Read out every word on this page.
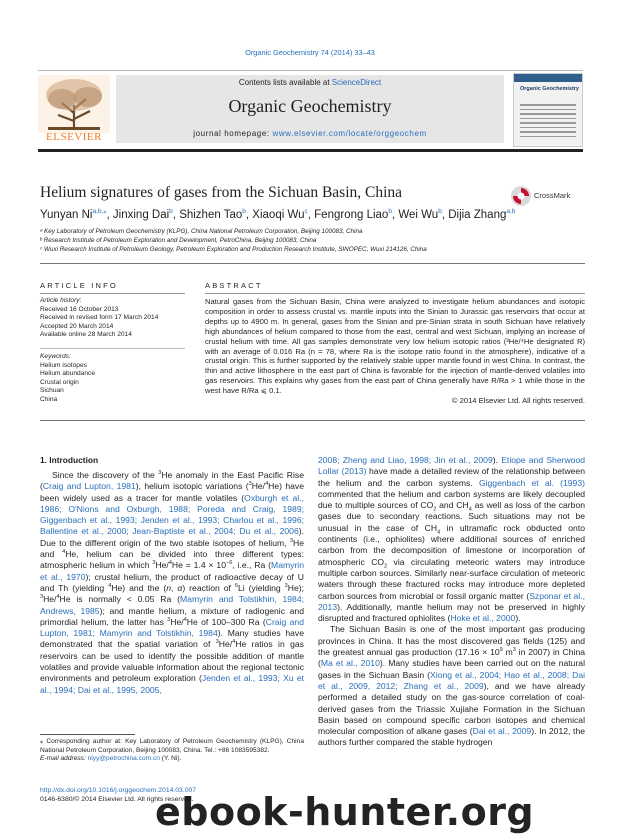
Organic Geochemistry 74 (2014) 33–43
ELSEVIER
Contents lists available at ScienceDirect
Organic Geochemistry
journal homepage: www.elsevier.com/locate/orggeochem
Organic Geochemistry
Helium signatures of gases from the Sichuan Basin, China	CrossMark
Yunyan $Ni^{a,b,⁎}$, Jinxing Dai$^b$, Shizhen Tao$^b$, Xiaoqi Wu$^c$, Fengrong Liao$^b$, Wei Wu$^b$, Dijia Zhang$^{a,b}$
ᵃ Key Laboratory of Petroleum Geochemistry (KLPG), China National Petroleum Corporation, Beijing 100083, China
ᵇ Research Institute of Petroleum Exploration and Development, PetroChina, Beijing 100083, China
ᶜ Wuxi Research Institute of Petroleum Geology, Petroleum Exploration and Production Research Institute, SINOPEC, Wuxi 214126, China
ARTICLE INFO	ABSTRACT
Article history:
Received 16 October 2013
Received in revised form 17 March 2014
Accepted 20 March 2014
Available online 28 March 2014
Keywords:
Helium isotopes
Helium abundance
Crustal origin
Sichuan
China
Natural gases from the Sichuan Basin, China were analyzed to investigate helium abundances and isotopic composition in order to assess crustal vs. mantle inputs into the Sinian to Jurassic gas reservoirs that occur at depths up to 4900 m. In general, gases from the Sinian and pre-Sinian strata in south Sichuan have relatively high abundances of helium compared to those from the east, central and west Sichuan, implying an increase of crustal helium with time. All gas samples demonstrate very low helium isotopic ratios (³He/⁴He designated R) with an average of 0.016 Ra (n = 78, where Ra is the isotope ratio found in the atmosphere), indicative of a crustal origin. This is further supported by the relatively stable upper mantle found in west China. In contrast, the thin and active lithosphere in the east part of China is favorable for the injection of mantle-derived volatiles into gas reservoirs. This explains why gases from the east part of China generally have R/Ra > 1 while those in the west have R/Ra ⩽ 0.1.
© 2014 Elsevier Ltd. All rights reserved.
1. Introduction

Since the discovery of the $^3$He anomaly in the East Pacific Rise (Craig and Lupton, 1981), helium isotopic variations ($^3$He/$^4$He) have been widely used as a tracer for mantle volatiles (Oxburgh et al., 1986; O'Nions and Oxburgh, 1988; Poreda and Craig, 1989; Giggenbach et al., 1993; Jenden et al., 1993; Charlou et al., 1996; Ballentine et al., 2000; Jean-Baptiste et al., 2004; Du et al., 2006). Due to the different origin of the two stable isotopes of helium, $^3$He and $^4$He, helium can be divided into three different types: atmospheric helium in which $^3He/^4He = 1.4 \times 10^{-6}$, i.e., Ra (Mamyrin et al., 1970); crustal helium, the product of radioactive decay of U and Th (yielding $^4$He) and the (n, α) reaction of $^6$Li (yielding $^3$He); $^3$He/$^4$He is normally < 0.05 Ra (Mamyrin and Tolstikhin, 1984; Andrews, 1985); and mantle helium, a mixture of radiogenic and primordial helium, the latter has $^3$He/$^4$He of 100–300 Ra (Craig and Lupton, 1981; Mamyrin and Tolstikhin, 1984). Many studies have demonstrated that the spatial variation of $^3$He/$^4$He ratios in gas reservoirs can be used to identify the possible addition of mantle volatiles and provide valuable information about the regional tectonic environments and petroleum exploration (Jenden et al., 1993; Xu et al., 1994; Dai et al., 1995, 2005,

2008; Zheng and Liao, 1998; Jin et al., 2009). Etiope and Sherwood Lollar (2013) have made a detailed review of the relationship between the helium and the carbon systems. Giggenbach et al. (1993) commented that the helium and carbon systems are likely decoupled due to multiple sources of $CO_2$ and $CH_4$ as well as loss of the carbon gases due to secondary reactions. Such situations may not be unusual in the case of $CH_4$ in ultramafic rock obducted onto continents (i.e., ophiolites) where additional sources of enriched carbon from the decomposition of limestone or incorporation of atmospheric $CO_2$ via circulating meteoric waters may introduce multiple carbon sources. Similarly near-surface circulation of meteoric waters through these fractured rocks may introduce more depleted carbon sources from microbial or fossil organic matter (Szponar et al., 2013). Additionally, mantle helium may not be preserved in highly disrupted and fractured ophiolites (Hoke et al., 2000).

The Sichuan Basin is one of the most important gas producing provinces in China. It has the most discovered gas fields (125) and the greatest annual gas production ($17.16 \times 10^9$ $m^3$ in 2007) in China (Ma et al., 2010). Many studies have been carried out on the natural gases in the Sichuan Basin (Xiong et al., 2004; Hao et al., 2008; Dai et al., 2009, 2012; Zhang et al., 2009), and we have already performed a detailed study on the gas-source correlation of coal-derived gases from the Triassic Xujiahe Formation in the Sichuan Basin based on compound specific carbon isotopes and chemical molecular composition of alkane gases (Dai et al., 2009). In 2012, the authors further compared the stable hydrogen

⁎ Corresponding author at: Key Laboratory of Petroleum Geochemistry (KLPG), China National Petroleum Corporation, Beijing 100083, China. Tel.: +86 1083595382.
E-mail address: niyy@petrochina.com.cn (Y. Ni).
http://dx.doi.org/10.1016/j.orggeochem.2014.03.007
0146-6380/© 2014 Elsevier Ltd. All rights reserved.
ebook-hunter.org
